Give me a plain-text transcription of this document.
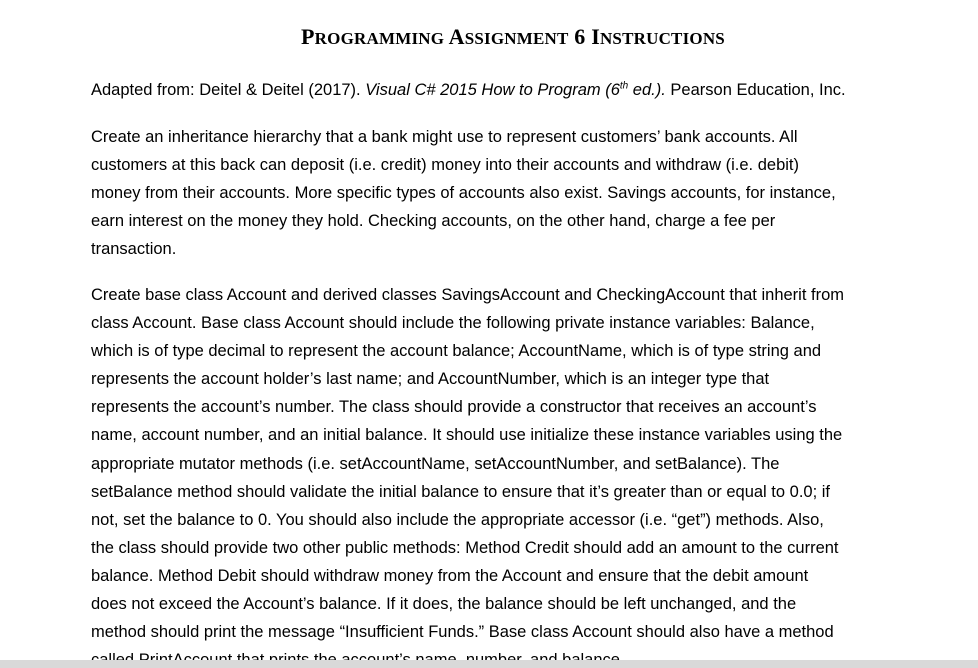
PROGRAMMING ASSIGNMENT 6 INSTRUCTIONS
Adapted from: Deitel & Deitel (2017). Visual C# 2015 How to Program (6th ed.). Pearson Education, Inc.
Create an inheritance hierarchy that a bank might use to represent customers’ bank accounts. All
customers at this back can deposit (i.e. credit) money into their accounts and withdraw (i.e. debit)
money from their accounts. More specific types of accounts also exist. Savings accounts, for instance,
earn interest on the money they hold. Checking accounts, on the other hand, charge a fee per
transaction.
Create base class Account and derived classes SavingsAccount and CheckingAccount that inherit from
class Account. Base class Account should include the following private instance variables: Balance,
which is of type decimal to represent the account balance; AccountName, which is of type string and
represents the account holder’s last name; and AccountNumber, which is an integer type that
represents the account’s number. The class should provide a constructor that receives an account’s
name, account number, and an initial balance. It should use initialize these instance variables using the
appropriate mutator methods (i.e. setAccountName, setAccountNumber, and setBalance). The
setBalance method should validate the initial balance to ensure that it’s greater than or equal to 0.0; if
not, set the balance to 0. You should also include the appropriate accessor (i.e. “get”) methods. Also,
the class should provide two other public methods: Method Credit should add an amount to the current
balance. Method Debit should withdraw money from the Account and ensure that the debit amount
does not exceed the Account’s balance. If it does, the balance should be left unchanged, and the
method should print the message “Insufficient Funds.” Base class Account should also have a method
